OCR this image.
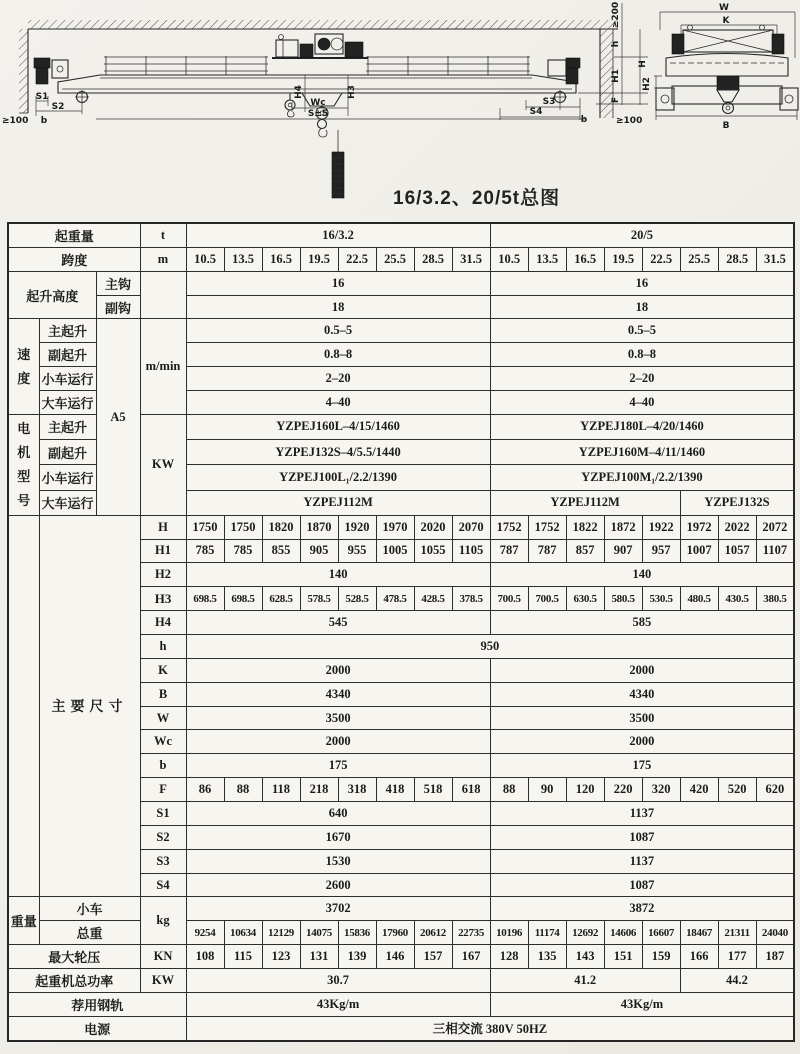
H4	H3
Wc
S±5
S1
S2
b
≥100
S3
S4
b	≥100
≥200
h
H1
F
H
W
K
H2
B
16/3.2、20/5t总图
起重量			t	16/3.2								20/5							
跨度			m	10.5	13.5	16.5	19.5	22.5	25.5	28.5	31.5	10.5	13.5	16.5	19.5	22.5	25.5	28.5	31.5
起升高度		主钩		16								16							
		副钩		18								18							
速度	主起升	A5	m/min	0.5–5								0.5–5							
	副起升			0.8–8								0.8–8							
	小车运行			2–20								2–20							
	大车运行			4–40								4–40							
电机型号	主起升		KW	YZPEJ160L–4/15/1460								YZPEJ180L–4/20/1460							
	副起升			YZPEJ132S–4/5.5/1440								YZPEJ160M–4/11/1460							
	小车运行			YZPEJ100L₁/2.2/1390								YZPEJ100M₁/2.2/1390							
	大车运行			YZPEJ112M								YZPEJ112M					YZPEJ132S		
	主要尺寸		H	1750	1750	1820	1870	1920	1970	2020	2070	1752	1752	1822	1872	1922	1972	2022	2072
			H1	785	785	855	905	955	1005	1055	1105	787	787	857	907	957	1007	1057	1107
			H2	140								140							
			H3	698.5	698.5	628.5	578.5	528.5	478.5	428.5	378.5	700.5	700.5	630.5	580.5	530.5	480.5	430.5	380.5
			H4	545								585							
			h	950															
			K	2000								2000							
			B	4340								4340							
			W	3500								3500							
			Wc	2000								2000							
			b	175								175							
			F	86	88	118	218	318	418	518	618	88	90	120	220	320	420	520	620
			S1	640								1137							
			S2	1670								1087							
			S3	1530								1137							
			S4	2600								1087							
重量	小车		kg	3702								3872							
	总重			9254	10634	12129	14075	15836	17960	20612	22735	10196	11174	12692	14606	16607	18467	21311	24040
最大轮压			KN	108	115	123	131	139	146	157	167	128	135	143	151	159	166	177	187
起重机总功率			KW	30.7								41.2					44.2		
荐用钢轨				43Kg/m								43Kg/m							
电源				三相交流 380V 50HZ															
